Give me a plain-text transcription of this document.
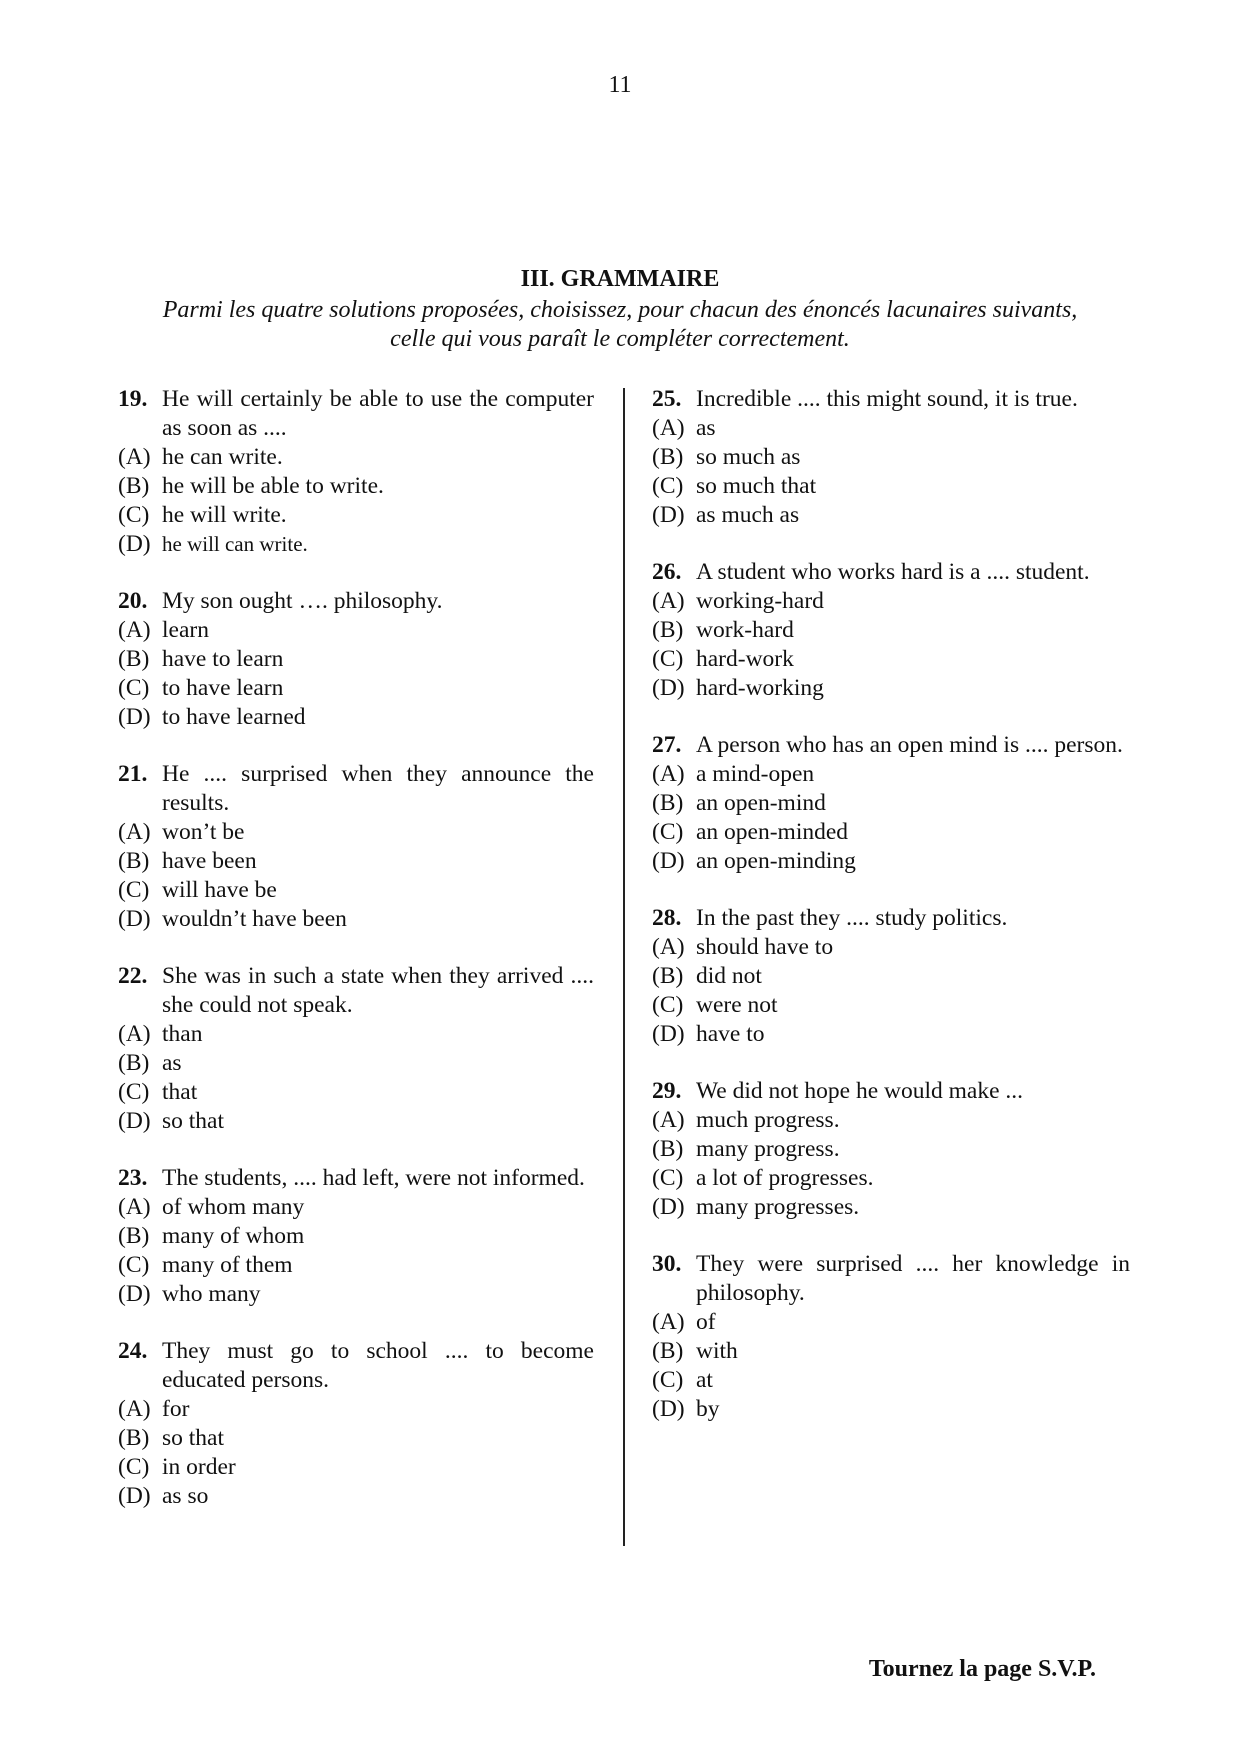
11
III. GRAMMAIRE
Parmi les quatre solutions proposées, choisissez, pour chacun des énoncés lacunaires suivants,
celle qui vous paraît le compléter correctement.
19. He will certainly be able to use the computer as soon as ....
(A) he can write.
(B) he will be able to write.
(C) he will write.
(D) he will can write.
20. My son ought …. philosophy.
(A) learn
(B) have to learn
(C) to have learn
(D) to have learned
21. He .... surprised when they announce the results.
(A) won’t be
(B) have been
(C) will have be
(D) wouldn’t have been
22. She was in such a state when they arrived .... she could not speak.
(A) than
(B) as
(C) that
(D) so that
23. The students, .... had left, were not informed.
(A) of whom many
(B) many of whom
(C) many of them
(D) who many
24. They must go to school .... to become educated persons.
(A) for
(B) so that
(C) in order
(D) as so
25. Incredible .... this might sound, it is true.
(A) as
(B) so much as
(C) so much that
(D) as much as
26. A student who works hard is a .... student.
(A) working-hard
(B) work-hard
(C) hard-work
(D) hard-working
27. A person who has an open mind is .... person.
(A) a mind-open
(B) an open-mind
(C) an open-minded
(D) an open-minding
28. In the past they .... study politics.
(A) should have to
(B) did not
(C) were not
(D) have to
29. We did not hope he would make ...
(A) much progress.
(B) many progress.
(C) a lot of progresses.
(D) many progresses.
30. They were surprised .... her knowledge in philosophy.
(A) of
(B) with
(C) at
(D) by
Tournez la page S.V.P.
